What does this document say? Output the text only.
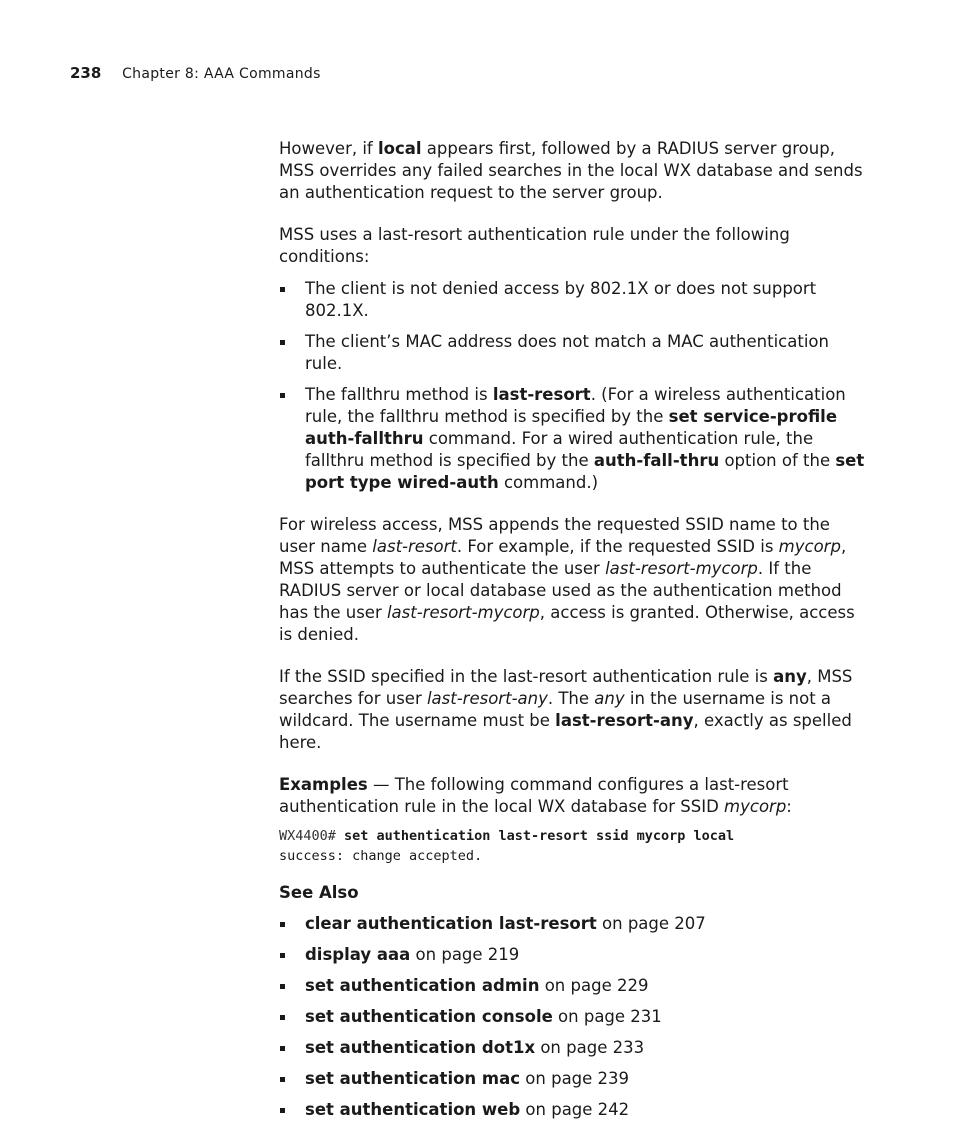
238 Chapter 8: AAA Commands

However, if local appears first, followed by a RADIUS server group, MSS overrides any failed searches in the local WX database and sends an authentication request to the server group.

MSS uses a last-resort authentication rule under the following conditions:

The client is not denied access by 802.1X or does not support 802.1X.
The client’s MAC address does not match a MAC authentication rule.
The fallthru method is last-resort. (For a wireless authentication rule, the fallthru method is specified by the set service-profile auth-fallthru command. For a wired authentication rule, the fallthru method is specified by the auth-fall-thru option of the set port type wired-auth command.)

For wireless access, MSS appends the requested SSID name to the user name last-resort. For example, if the requested SSID is mycorp, MSS attempts to authenticate the user last-resort-mycorp. If the RADIUS server or local database used as the authentication method has the user last-resort-mycorp, access is granted. Otherwise, access is denied.

If the SSID specified in the last-resort authentication rule is any, MSS searches for user last-resort-any. The any in the username is not a wildcard. The username must be last-resort-any, exactly as spelled here.

Examples — The following command configures a last-resort authentication rule in the local WX database for SSID mycorp:

WX4400# set authentication last-resort ssid mycorp local
success: change accepted.
See Also
clear authentication last-resort on page 207
display aaa on page 219
set authentication admin on page 229
set authentication console on page 231
set authentication dot1x on page 233
set authentication mac on page 239
set authentication web on page 242
